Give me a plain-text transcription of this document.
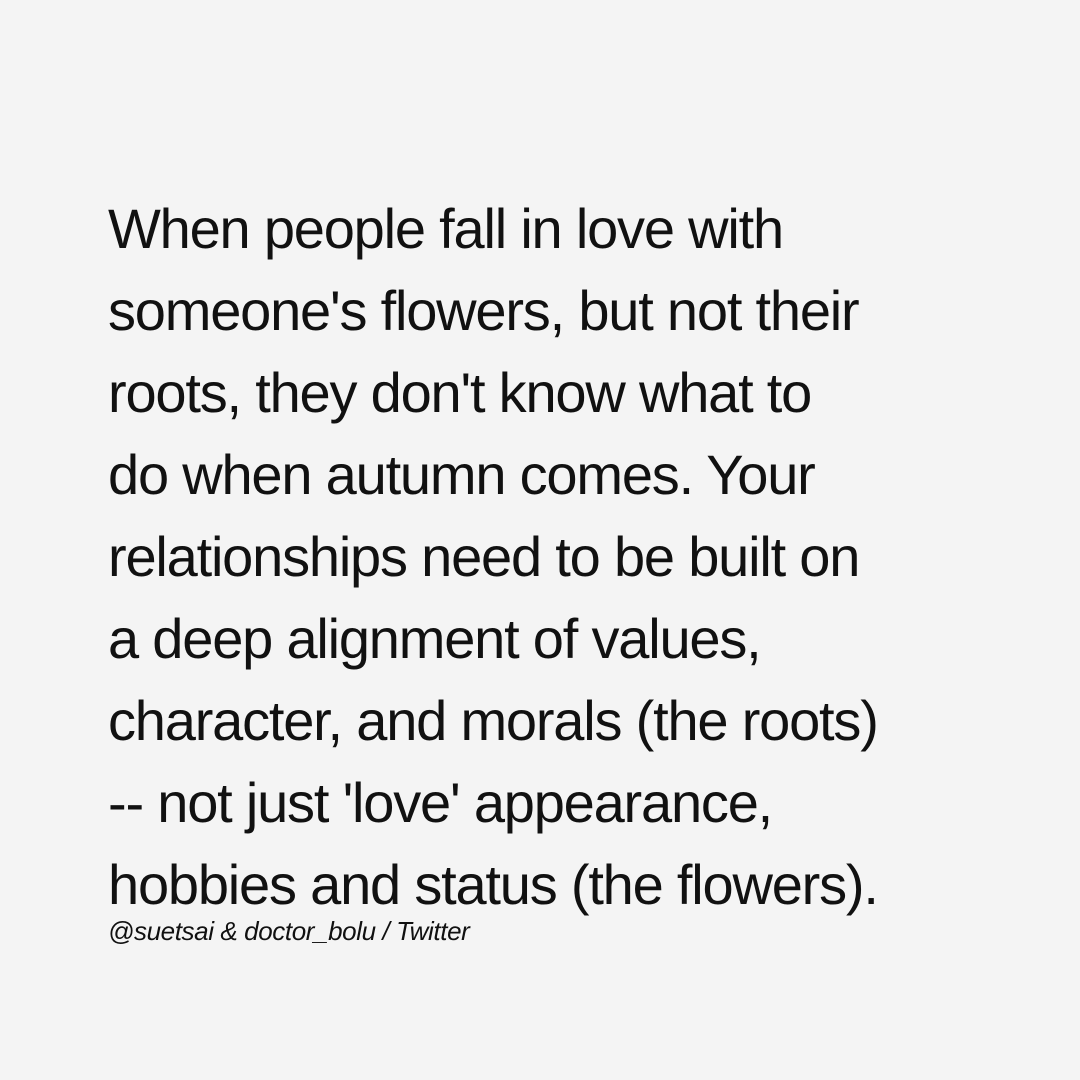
When people fall in love with
someone's flowers, but not their
roots, they don't know what to
do when autumn comes. Your
relationships need to be built on
a deep alignment of values,
character, and morals (the roots)
-- not just 'love' appearance,
hobbies and status (the flowers).

@suetsai & doctor_bolu / Twitter
